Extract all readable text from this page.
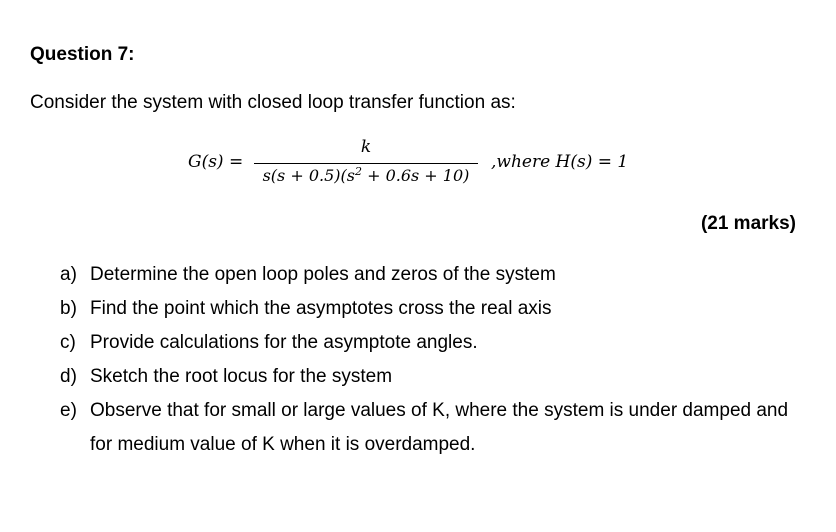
Question 7:
Consider the system with closed loop transfer function as:
G(s) =
k
$s(s + 0.5)(s^2 + 0.6s + 10)$
,where H(s) = 1
(21 marks)
a) Determine the open loop poles and zeros of the system
b) Find the point which the asymptotes cross the real axis
c) Provide calculations for the asymptote angles.
d) Sketch the root locus for the system
e) Observe that for small or large values of K, where the system is under damped and for medium value of K when it is overdamped.
